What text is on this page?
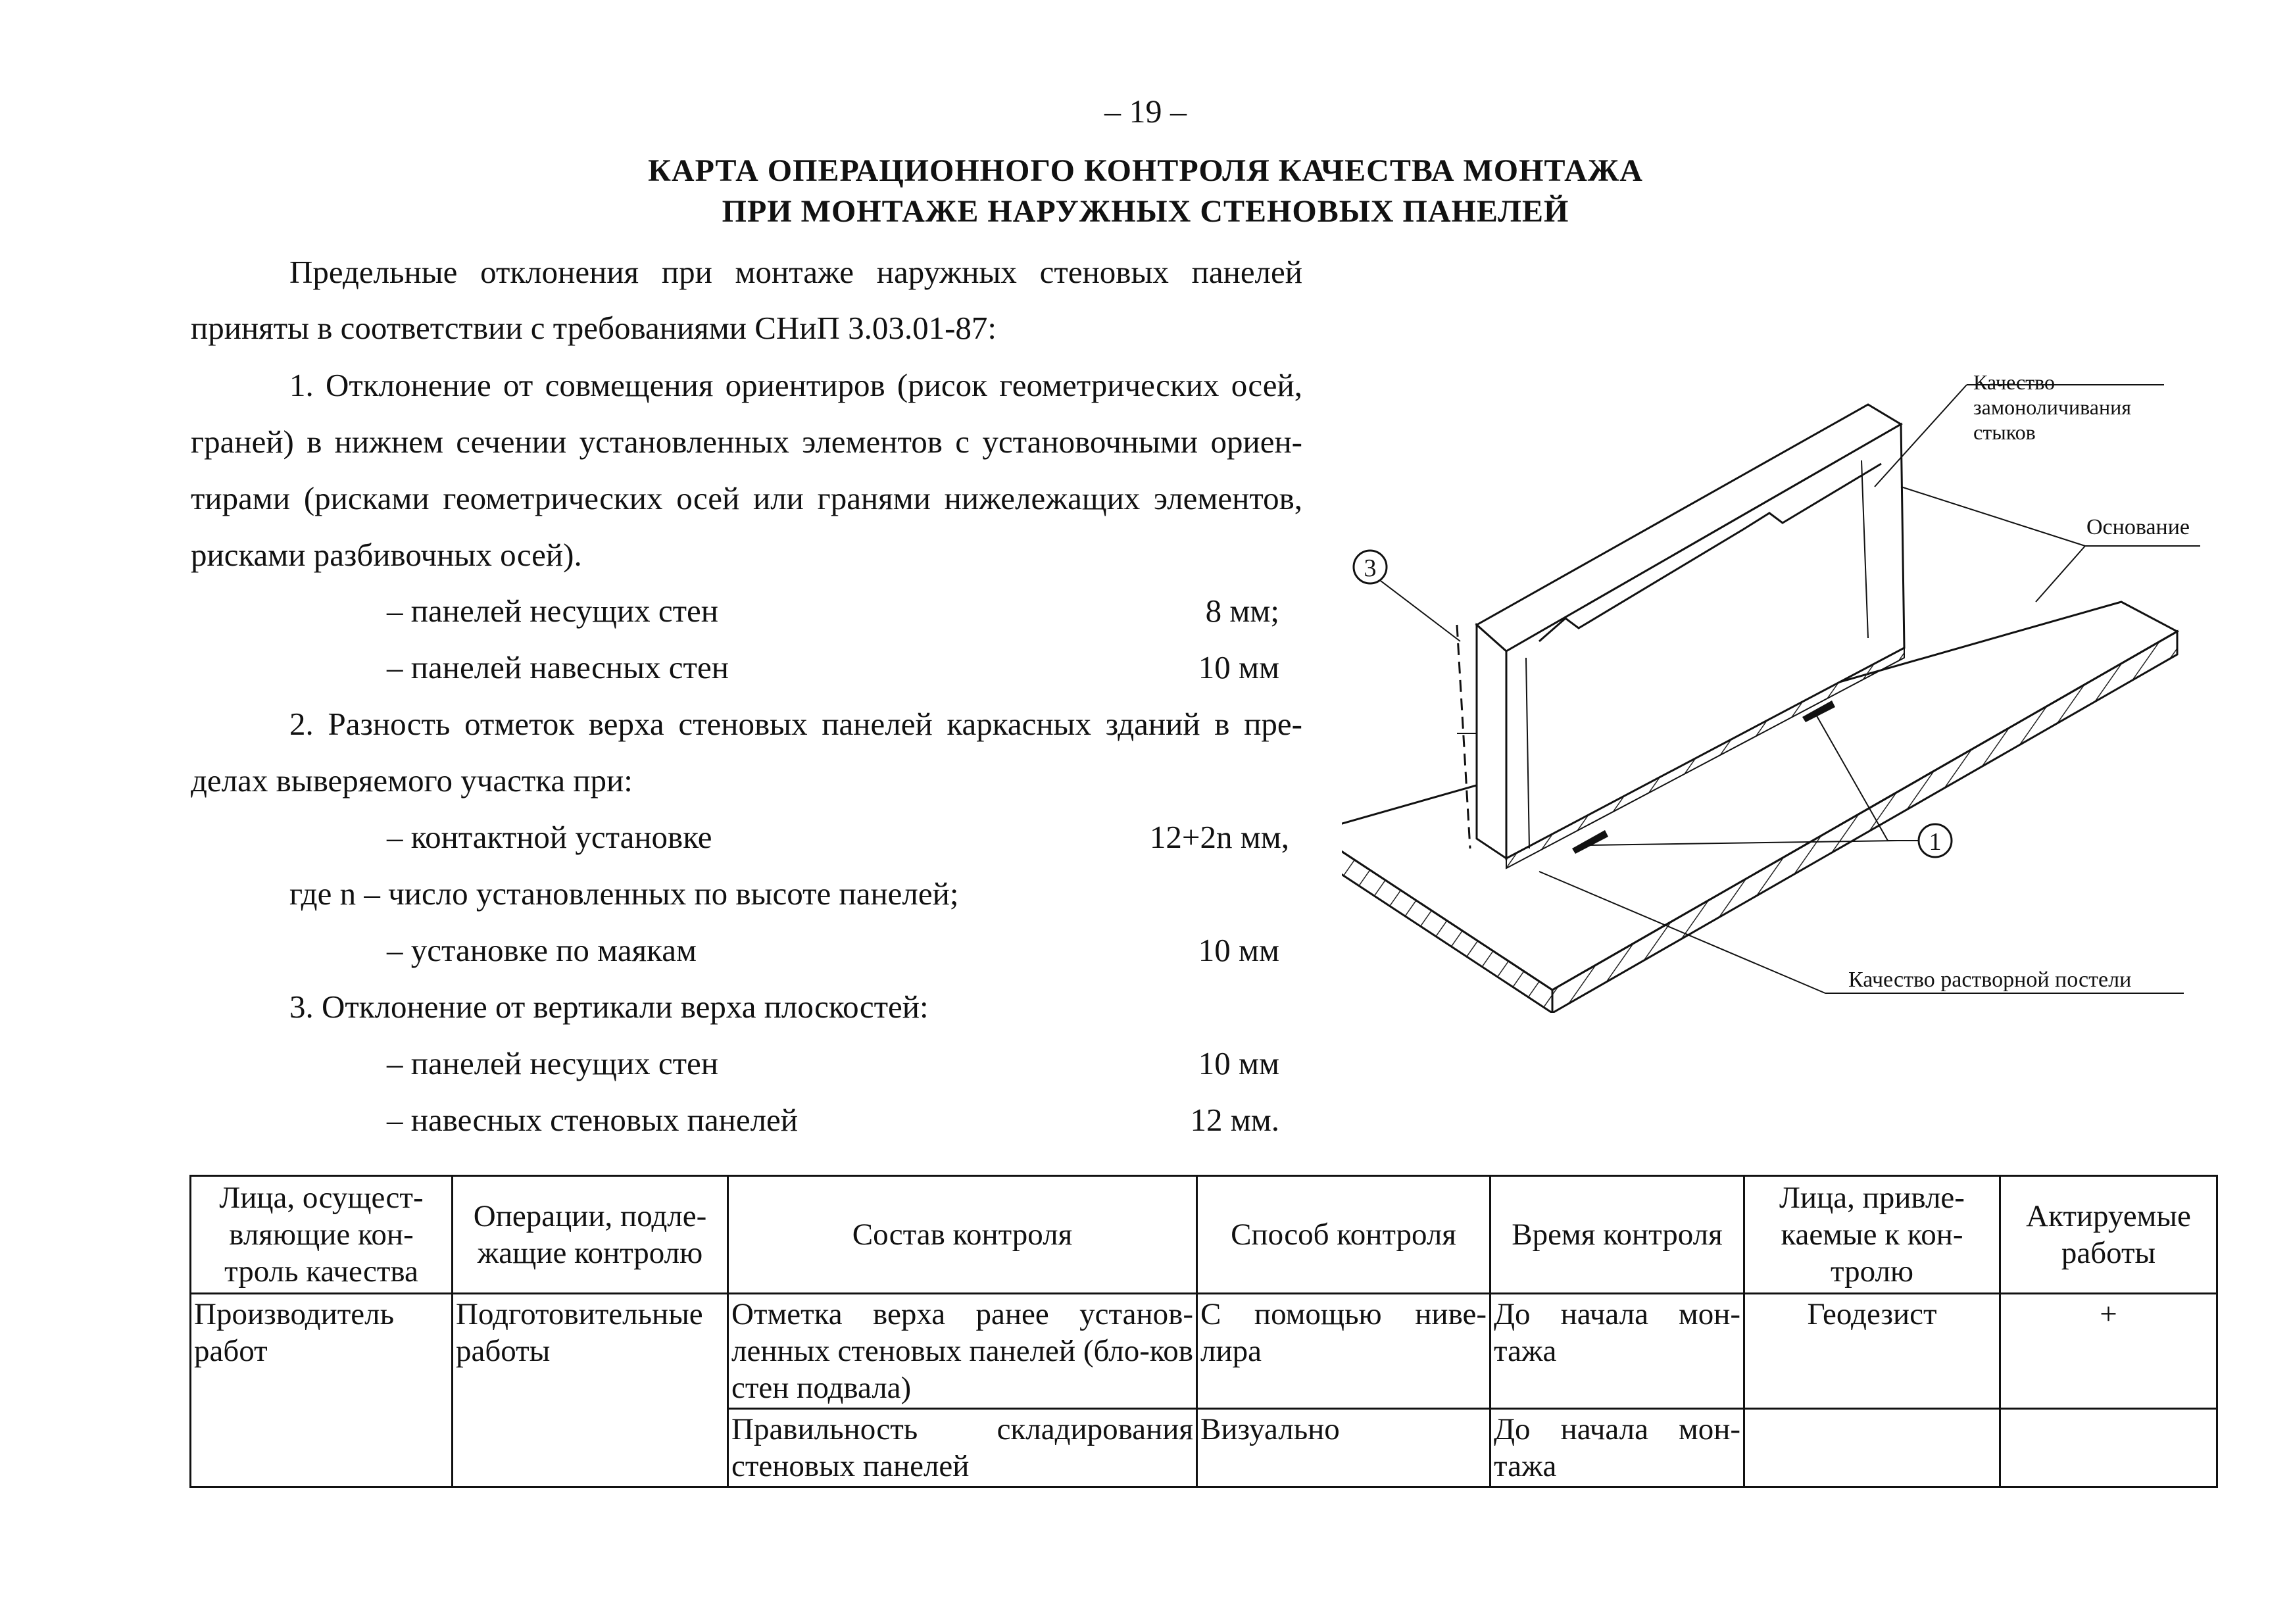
– 19 –
КАРТА ОПЕРАЦИОННОГО КОНТРОЛЯ КАЧЕСТВА МОНТАЖА
ПРИ МОНТАЖЕ НАРУЖНЫХ СТЕНОВЫХ ПАНЕЛЕЙ
Предельные отклонения при монтаже наружных стеновых панелей
приняты в соответствии с требованиями СНиП 3.03.01-87:
1. Отклонение от совмещения ориентиров (рисок геометрических осей,
граней) в нижнем сечении установленных элементов с установочными ориен-
тирами (рисками геометрических осей или гранями нижележащих элементов,
рисками разбивочных осей).
– панелей несущих стен	8 мм;
– панелей навесных стен	10 мм
2. Разность отметок верха стеновых панелей каркасных зданий в пре-
делах выверяемого участка при:
– контактной установке	12+2n мм,
где n – число установленных по высоте панелей;
– установке по маякам	10 мм
3. Отклонение от вертикали верха плоскостей:
– панелей несущих стен	10 мм
– навесных стеновых панелей	12 мм.
3
1
Качество
замоноличивания
стыков
Основание
Качество растворной постели
Лица, осущест-вляющие кон-троль качества	Операции, подле-жащие контролю	Состав контроля	Способ контроля	Время контроля	Лица, привле-каемые к кон-тролю	Актируемые работы
Производитель работ	Подготовительные работы	Отметка верха ранее установ-ленных стеновых панелей (бло-ков стен подвала)	С помощью ниве-лира	До начала мон-тажа	Геодезист	+
		Правильность складирования стеновых панелей	Визуально	До начала мон-тажа		
